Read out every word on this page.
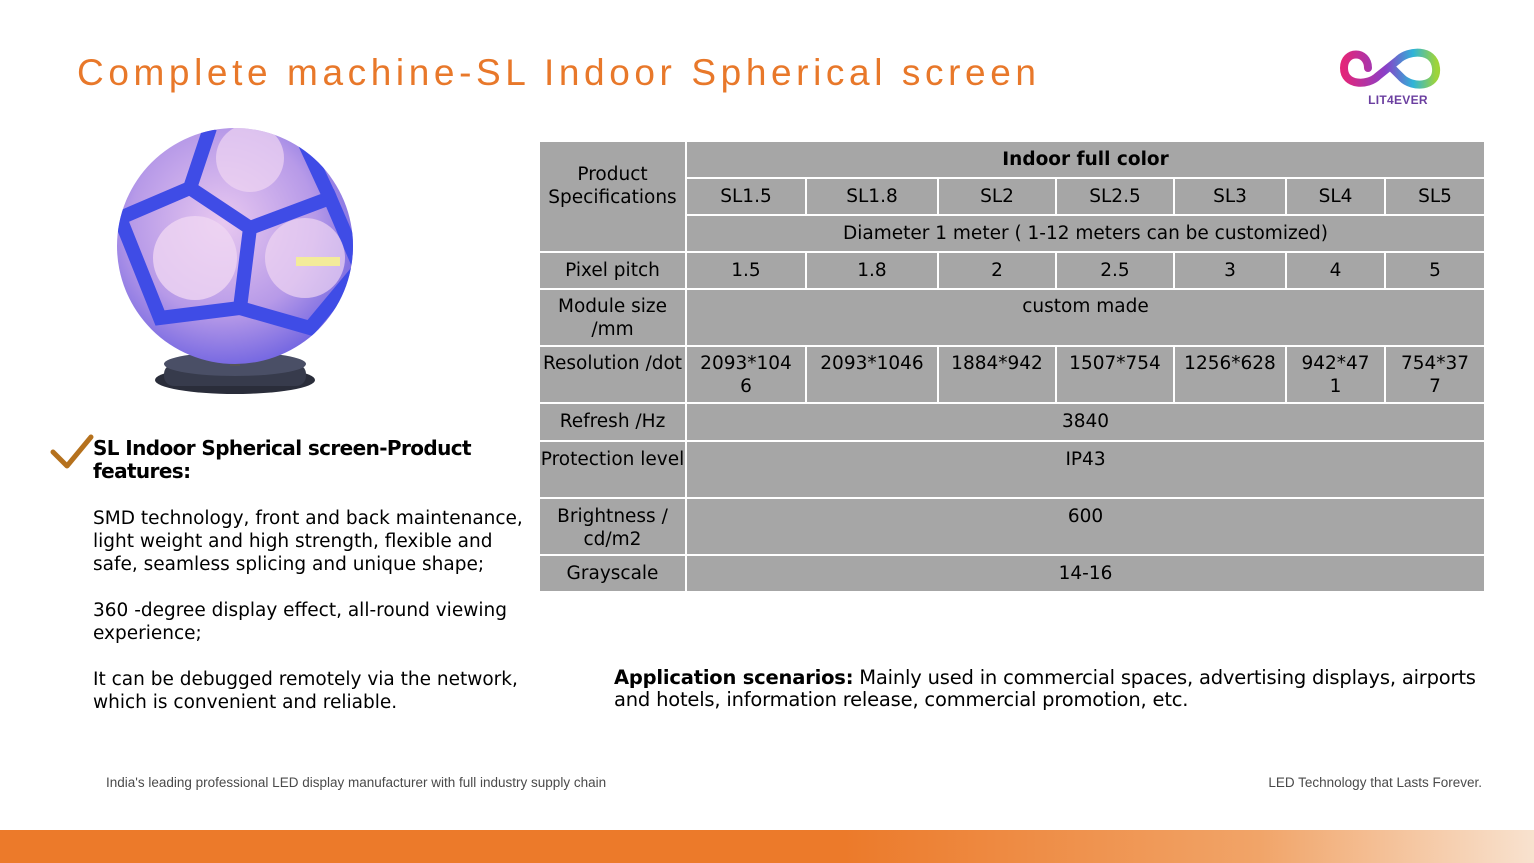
Complete machine-SL Indoor Spherical screen
LIT4EVER
SL Indoor Spherical screen-Product features:
SMD technology, front and back maintenance, light weight and high strength, flexible and safe, seamless splicing and unique shape;
360 -degree display effect, all-round viewing experience;
It can be debugged remotely via the network, which is convenient and reliable.
Product Specifications	Indoor full color						
	SL1.5	SL1.8	SL2	SL2.5	SL3	SL4	SL5
	Diameter 1 meter ( 1-12 meters can be customized)						
Pixel pitch	1.5	1.8	2	2.5	3	4	5
Module size /mm	custom made						
Resolution /dot	2093*1046	2093*1046	1884*942	1507*754	1256*628	942*471	754*377
Refresh /Hz	3840						
Protection level	IP43						
Brightness / cd/m2	600						
Grayscale	14-16						
Application scenarios: Mainly used in commercial spaces, advertising displays, airports and hotels, information release, commercial promotion, etc.
India's leading professional LED display manufacturer with full industry supply chain	LED Technology that Lasts Forever.
